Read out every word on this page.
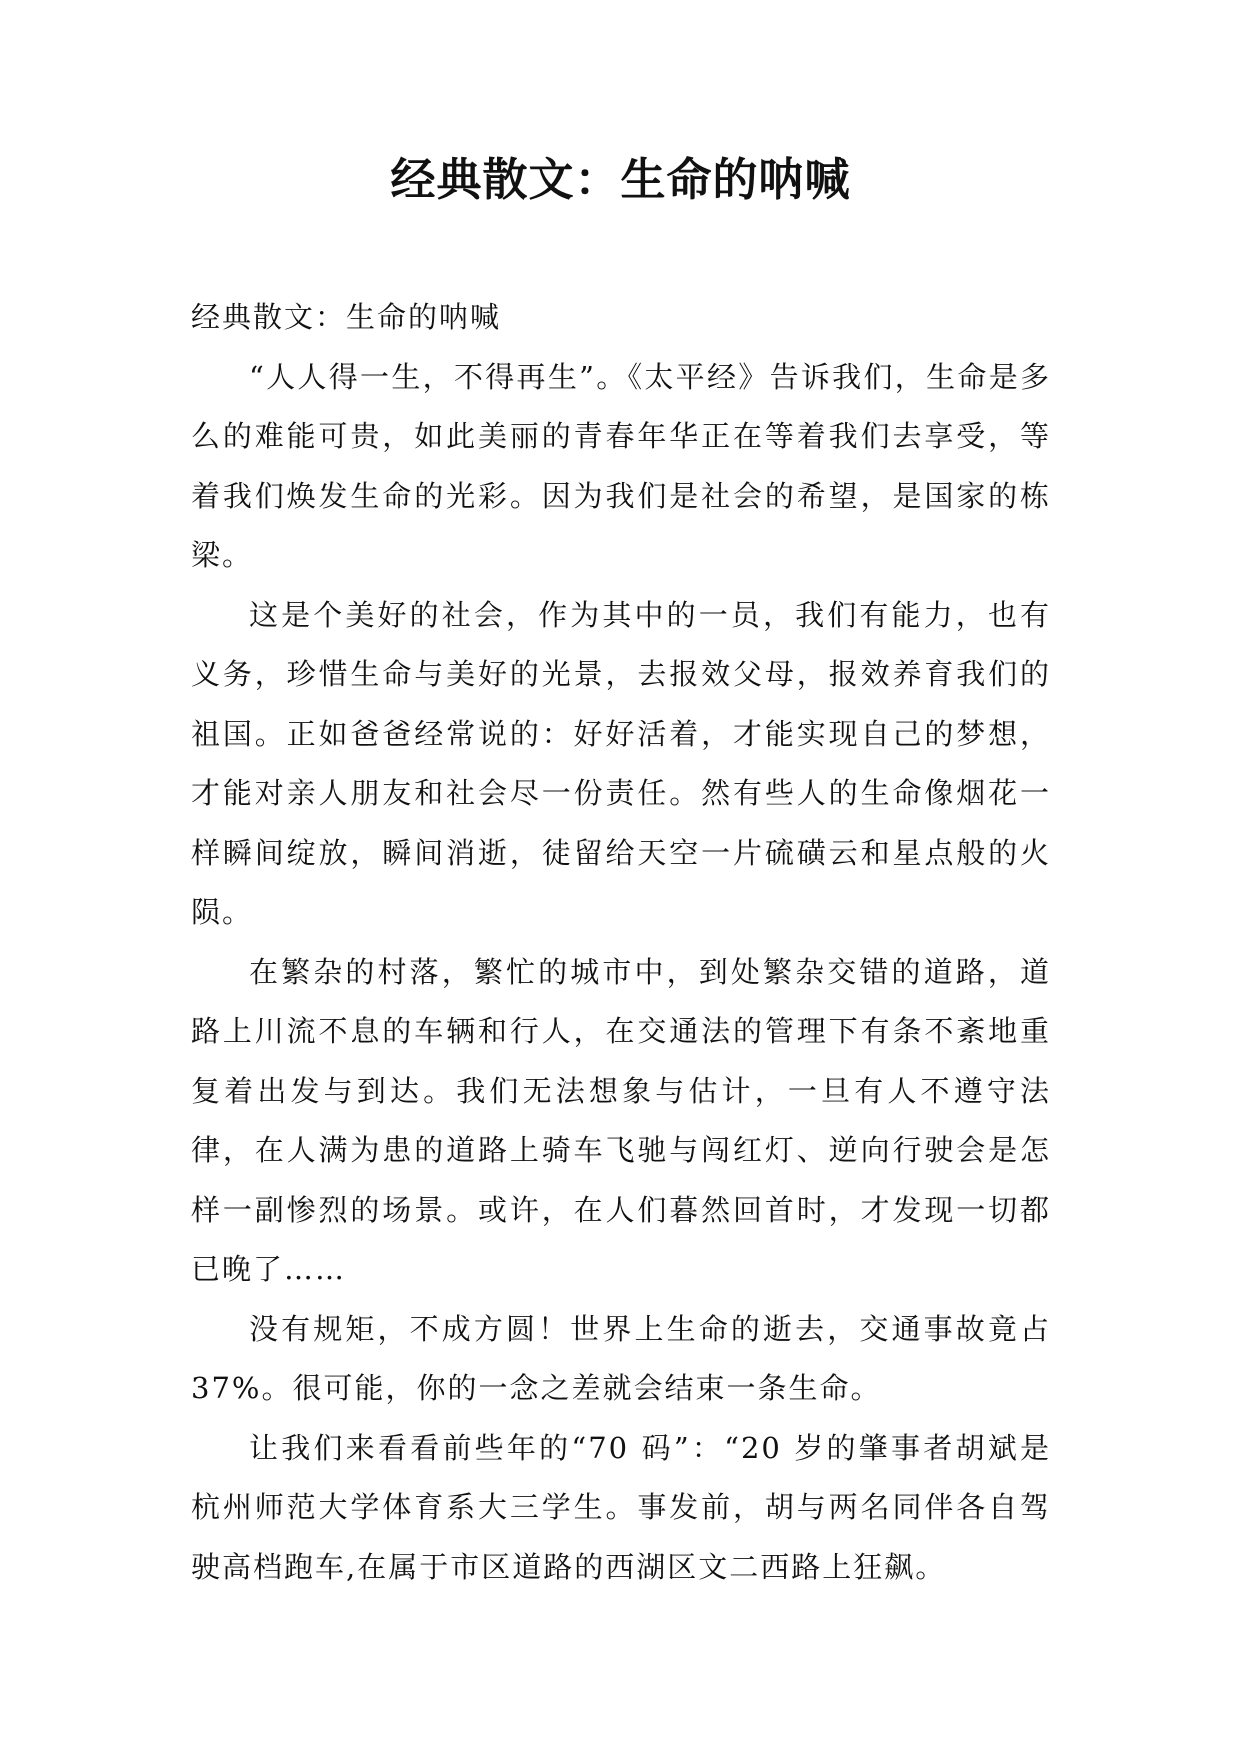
经典散文：生命的呐喊

经典散文：生命的呐喊

“人人得一生，不得再生”。《太平经》告诉我们，生命是多么的难能可贵，如此美丽的青春年华正在等着我们去享受，等着我们焕发生命的光彩。因为我们是社会的希望，是国家的栋梁。

这是个美好的社会，作为其中的一员，我们有能力，也有义务，珍惜生命与美好的光景，去报效父母，报效养育我们的祖国。正如爸爸经常说的：好好活着，才能实现自己的梦想，才能对亲人朋友和社会尽一份责任。然有些人的生命像烟花一样瞬间绽放，瞬间消逝，徒留给天空一片硫磺云和星点般的火陨。

在繁杂的村落，繁忙的城市中，到处繁杂交错的道路，道路上川流不息的车辆和行人，在交通法的管理下有条不紊地重复着出发与到达。我们无法想象与估计，一旦有人不遵守法律，在人满为患的道路上骑车飞驰与闯红灯、逆向行驶会是怎样一副惨烈的场景。或许，在人们暮然回首时，才发现一切都已晚了……

没有规矩，不成方圆！世界上生命的逝去，交通事故竟占 37%。很可能，你的一念之差就会结束一条生命。

让我们来看看前些年的“70 码”：“20 岁的肇事者胡斌是杭州师范大学体育系大三学生。事发前，胡与两名同伴各自驾驶高档跑车,在属于市区道路的西湖区文二西路上狂飙。
